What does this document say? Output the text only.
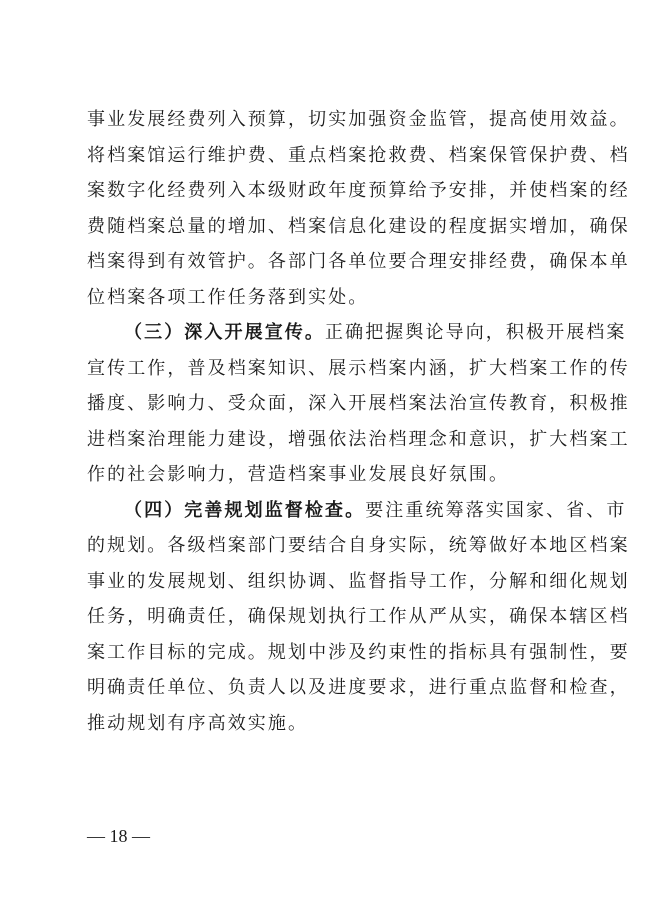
事业发展经费列入预算，切实加强资金监管，提高使用效益。
将档案馆运行维护费、重点档案抢救费、档案保管保护费、档
案数字化经费列入本级财政年度预算给予安排，并使档案的经
费随档案总量的增加、档案信息化建设的程度据实增加，确保
档案得到有效管护。各部门各单位要合理安排经费，确保本单
位档案各项工作任务落到实处。
（三）深入开展宣传。正确把握舆论导向，积极开展档案
宣传工作，普及档案知识、展示档案内涵，扩大档案工作的传
播度、影响力、受众面，深入开展档案法治宣传教育，积极推
进档案治理能力建设，增强依法治档理念和意识，扩大档案工
作的社会影响力，营造档案事业发展良好氛围。
（四）完善规划监督检查。要注重统筹落实国家、省、市
的规划。各级档案部门要结合自身实际，统筹做好本地区档案
事业的发展规划、组织协调、监督指导工作，分解和细化规划
任务，明确责任，确保规划执行工作从严从实，确保本辖区档
案工作目标的完成。规划中涉及约束性的指标具有强制性，要
明确责任单位、负责人以及进度要求，进行重点监督和检查，
推动规划有序高效实施。
— 18 —
